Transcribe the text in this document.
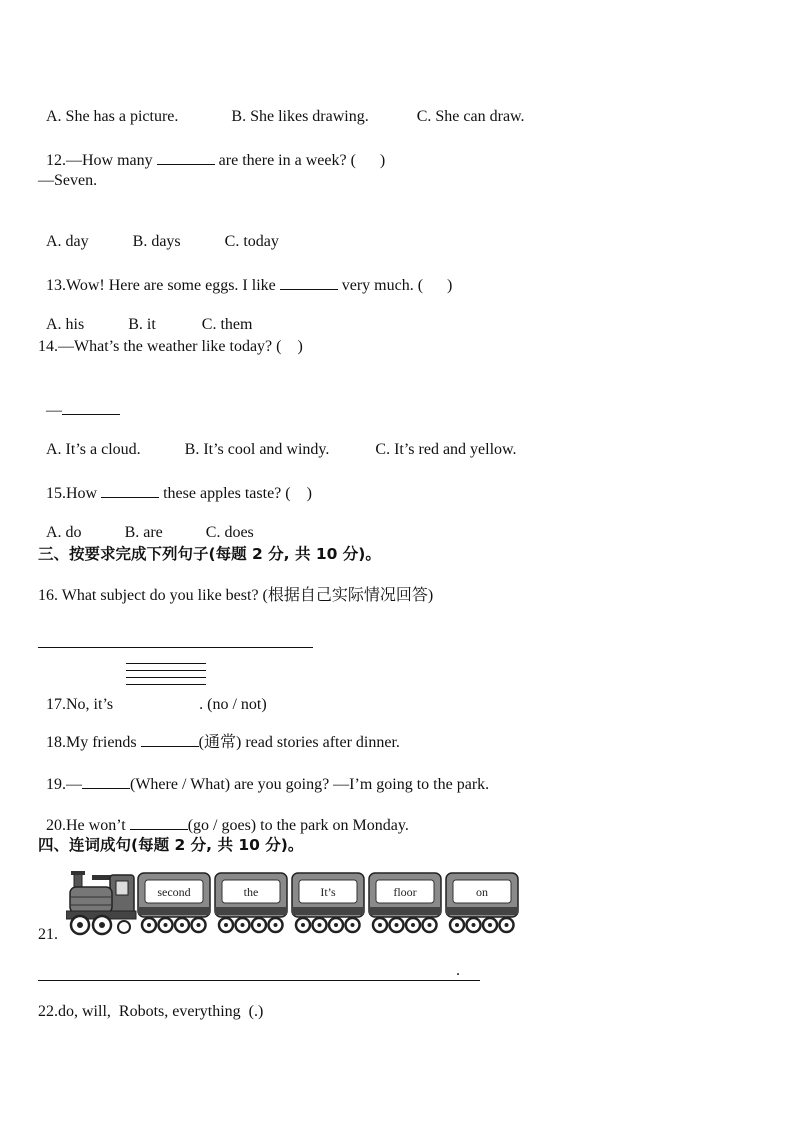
A. She has a picture.	B. She likes drawing.	C. She can draw.

12.—How many	are there in a week? (      )

—Seven.

A. day	B. days	C. today

13.Wow! Here are some eggs. I like	very much. (      )

A. his	B. it	C. them

14.—What’s the weather like today? (    )

—

A. It’s a cloud.	B. It’s cool and windy.	C. It’s red and yellow.

15.How	these apples taste? (    )

A. do	B. are	C. does

三、按要求完成下列句子(每题 2 分, 共 10 分)。
16. What subject do you like best? (根据自己实际情况回答)

17.No, it’s	. (no / not)

18.My friends	(通常) read stories after dinner.

19.—	(Where / What) are you going? —I’m going to the park.

20.He won’t	(go / goes) to the park on Monday.

四、连词成句(每题 2 分, 共 10 分)。
21.
second	the	It’s	floor	on
.
22.do, will,  Robots, everything  (.)
